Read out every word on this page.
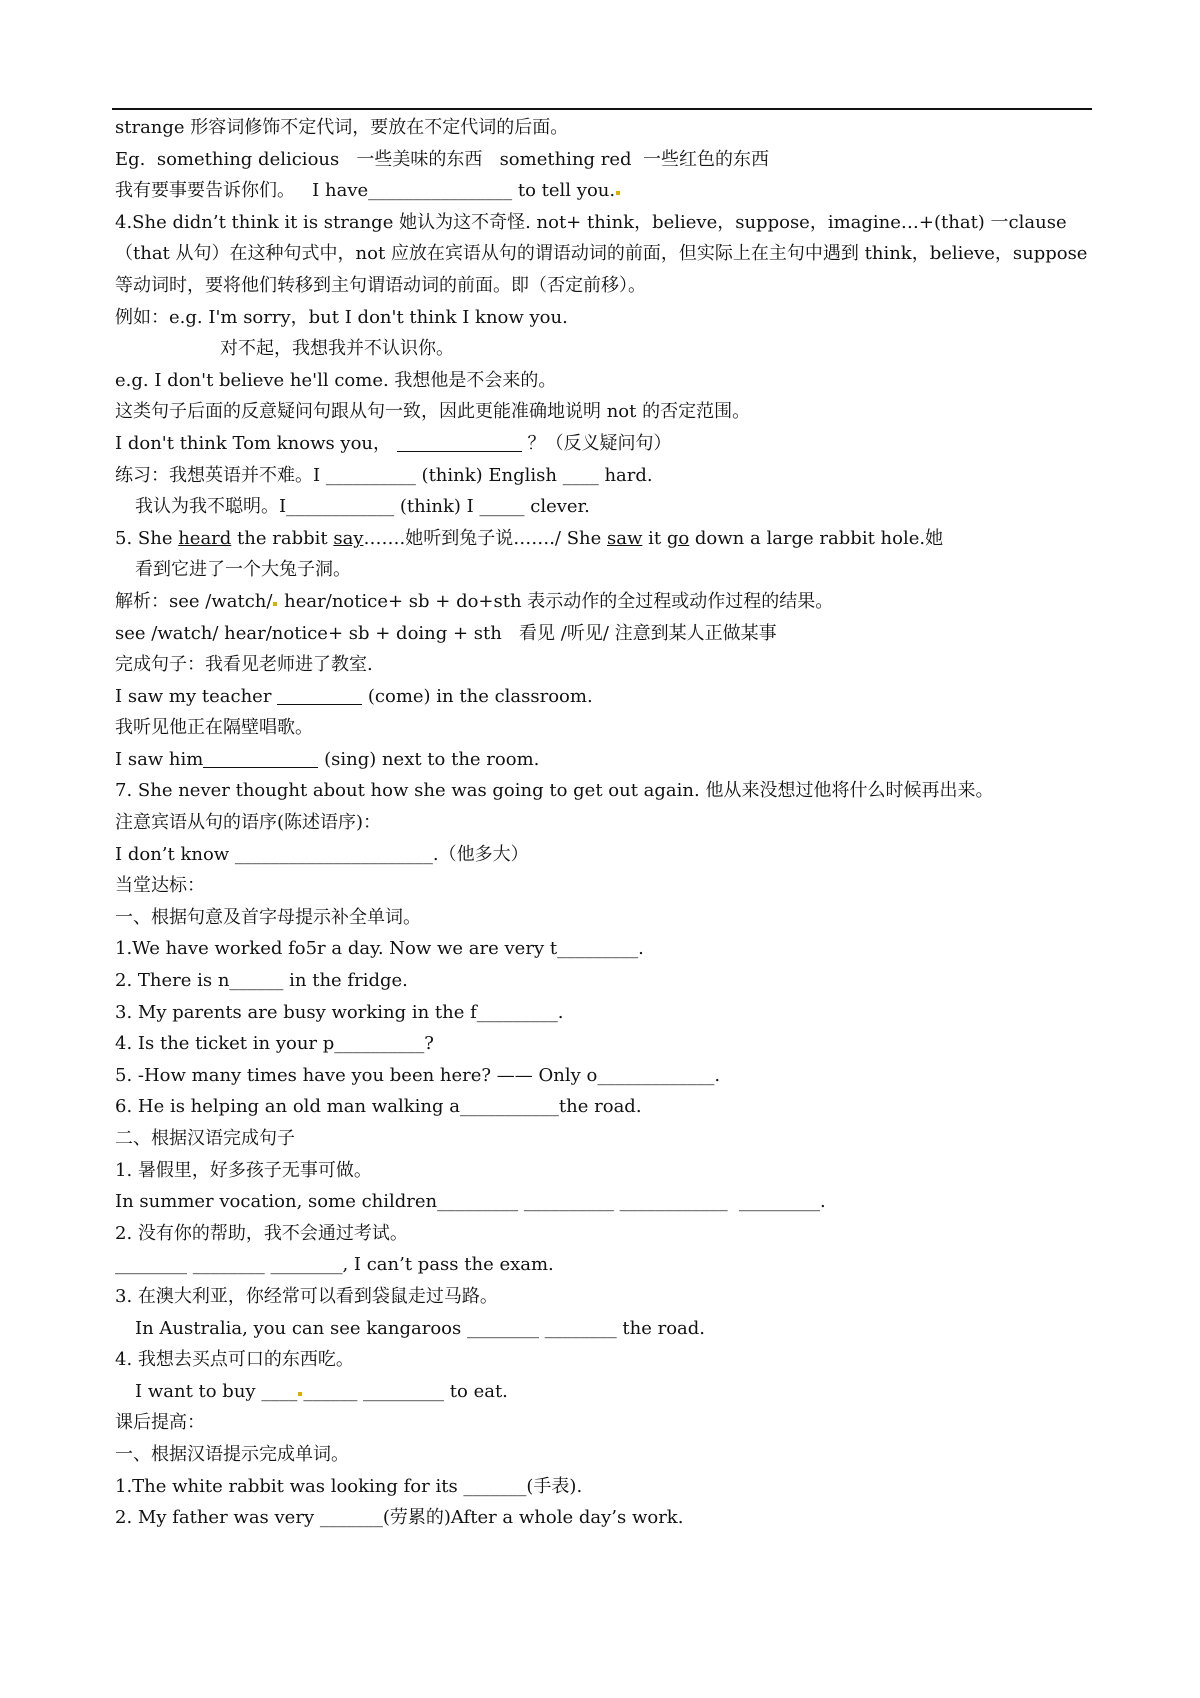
strange 形容词修饰不定代词，要放在不定代词的后面。
Eg.  something delicious   一些美味的东西   something red  一些红色的东西
我有要事要告诉你们。   I have________________ to tell you.
4.She didn’t think it is strange 她认为这不奇怪. not+ think，believe，suppose，imagine…+(that) 一clause（that 从句）在这种句式中，not 应放在宾语从句的谓语动词的前面，但实际上在主句中遇到 think，believe，suppose 等动词时，要将他们转移到主句谓语动词的前面。即（否定前移）。
例如：e.g. I'm sorry，but I don't think I know you.
对不起，我想我并不认识你。
e.g. I don't believe he'll come. 我想他是不会来的。
这类句子后面的反意疑问句跟从句一致，因此更能准确地说明 not 的否定范围。
I don't think Tom knows you，	？（反义疑问句）
练习：我想英语并不难。I __________ (think) English ____ hard.
我认为我不聪明。I____________ (think) I _____ clever.
5. She heard the rabbit say…….她听到兔子说……./ She saw it go down a large rabbit hole.她
看到它进了一个大兔子洞。
解析：see /watch/ hear/notice+ sb + do+sth 表示动作的全过程或动作过程的结果。
see /watch/ hear/notice+ sb + doing + sth   看见 /听见/ 注意到某人正做某事
完成句子：我看见老师进了教室.
I saw my teacher	(come) in the classroom.
我听见他正在隔壁唱歌。
I saw him	(sing) next to the room.
7. She never thought about how she was going to get out again. 他从来没想过他将什么时候再出来。
注意宾语从句的语序(陈述语序)：
I don’t know ______________________.（他多大）
当堂达标：
一、根据句意及首字母提示补全单词。
1.We have worked fo5r a day. Now we are very t_________.
2. There is n______ in the fridge.
3. My parents are busy working in the f_________.
4. Is the ticket in your p__________?
5. -How many times have you been here? —— Only o_____________.
6. He is helping an old man walking a___________the road.
二、根据汉语完成句子
1. 暑假里，好多孩子无事可做。
In summer vocation, some children_________ __________ ____________  _________.
2. 没有你的帮助，我不会通过考试。
________ ________ ________, I can’t pass the exam.
3. 在澳大利亚，你经常可以看到袋鼠走过马路。
In Australia, you can see kangaroos ________ ________ the road.
4. 我想去买点可口的东西吃。
I want to buy ____ ______ _________ to eat.
课后提高：
一、根据汉语提示完成单词。
1.The white rabbit was looking for its _______(手表).
2. My father was very _______(劳累的)After a whole day’s work.
